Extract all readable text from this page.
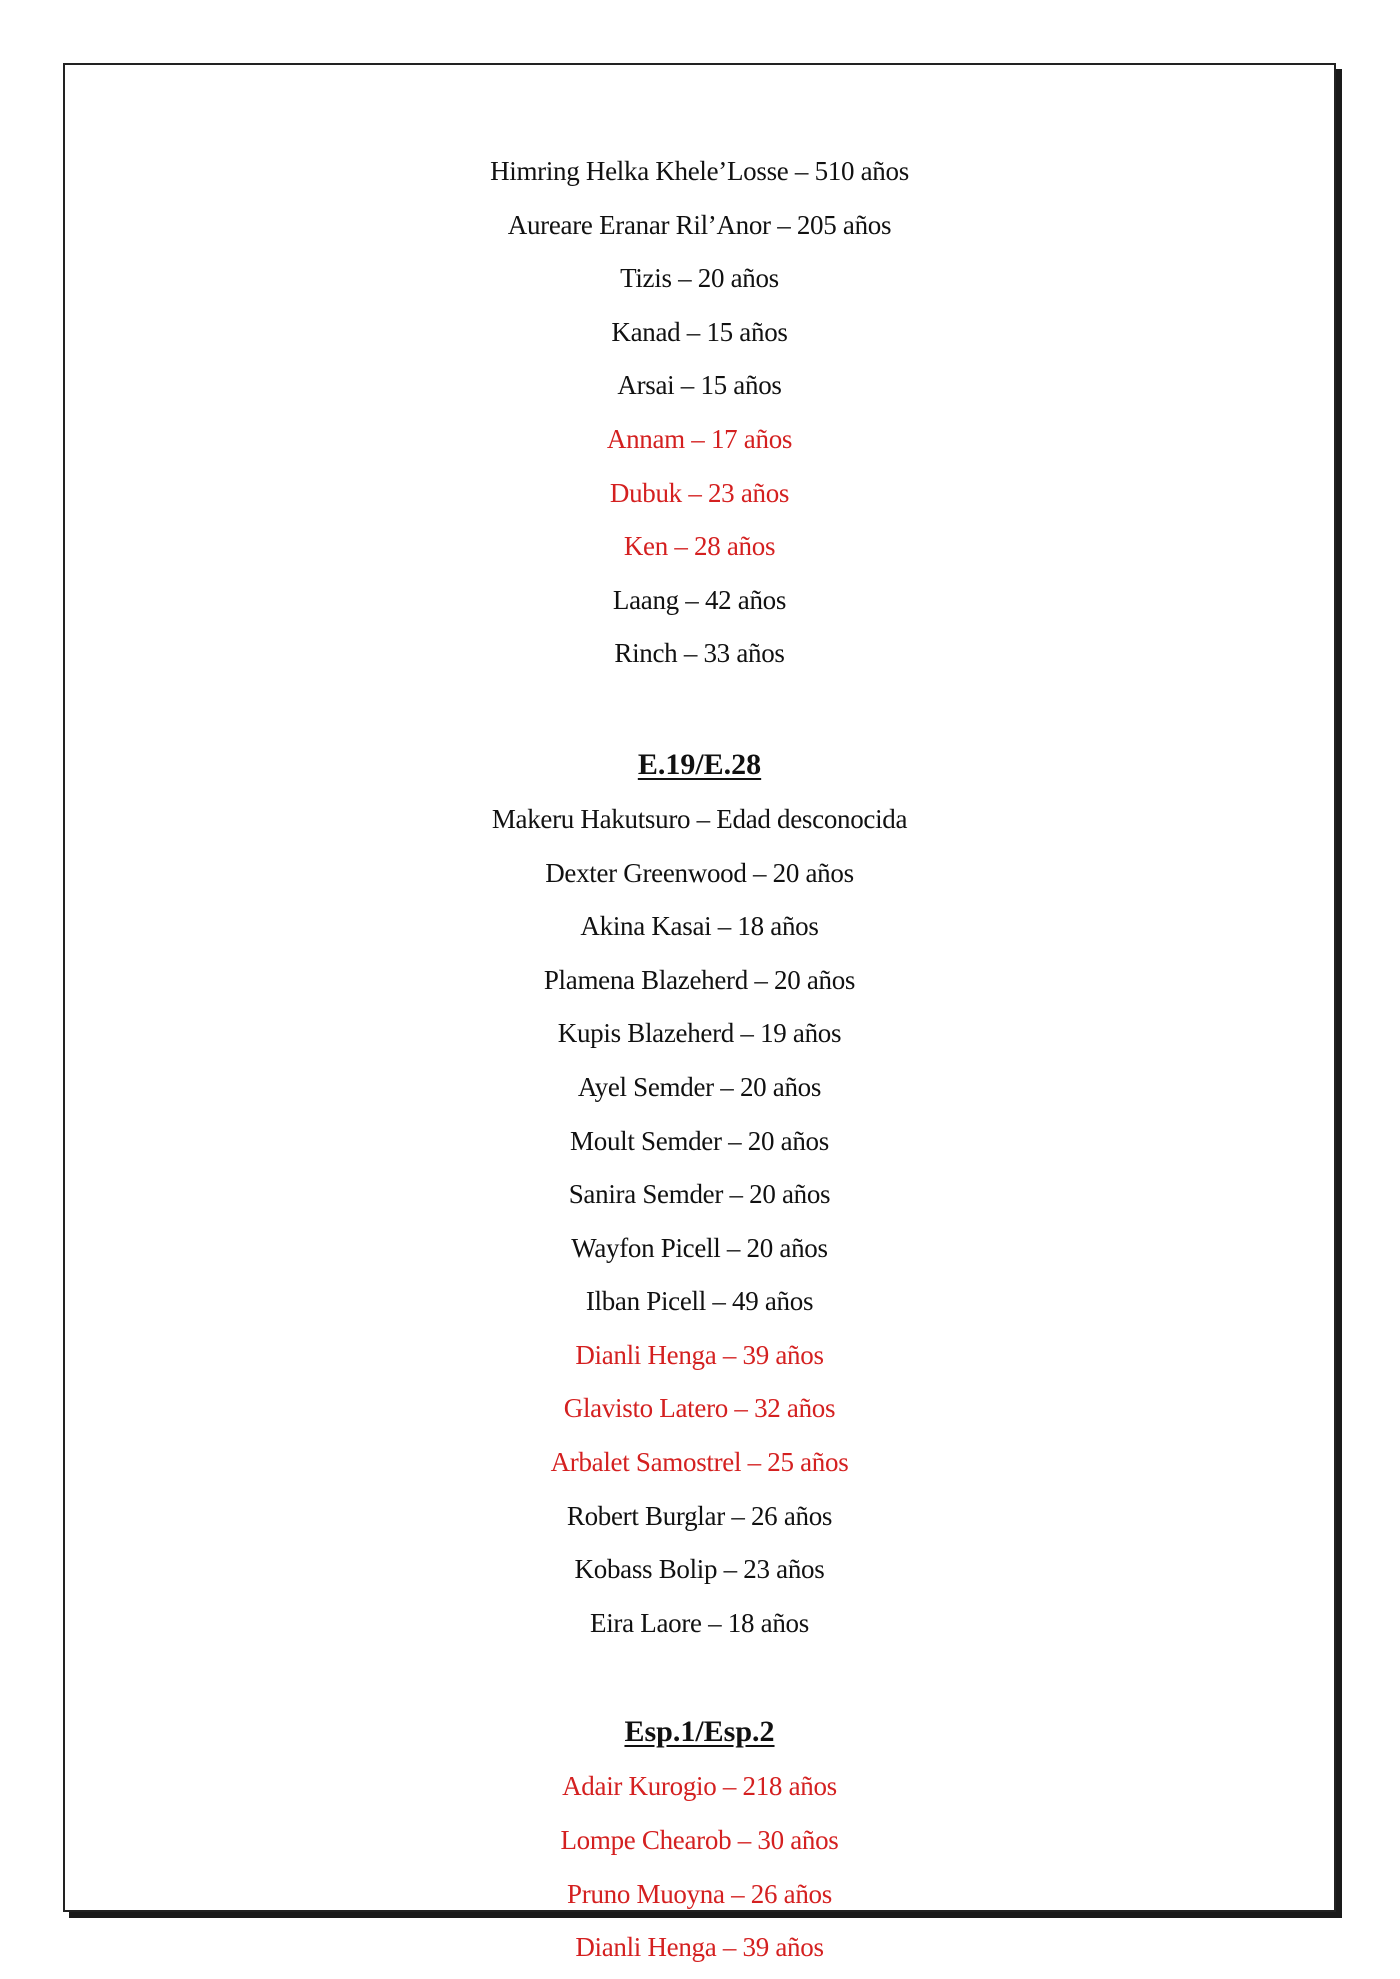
Himring Helka Khele’Losse – 510 años
Aureare Eranar Ril’Anor – 205 años
Tizis – 20 años
Kanad – 15 años
Arsai – 15 años
Annam – 17 años
Dubuk – 23 años
Ken – 28 años
Laang – 42 años
Rinch – 33 años
E.19/E.28
Makeru Hakutsuro – Edad desconocida
Dexter Greenwood – 20 años
Akina Kasai – 18 años
Plamena Blazeherd – 20 años
Kupis Blazeherd – 19 años
Ayel Semder – 20 años
Moult Semder – 20 años
Sanira Semder – 20 años
Wayfon Picell – 20 años
Ilban Picell – 49 años
Dianli Henga – 39 años
Glavisto Latero – 32 años
Arbalet Samostrel – 25 años
Robert Burglar – 26 años
Kobass Bolip – 23 años
Eira Laore – 18 años
Esp.1/Esp.2
Adair Kurogio – 218 años
Lompe Chearob – 30 años
Pruno Muoyna – 26 años
Dianli Henga – 39 años
